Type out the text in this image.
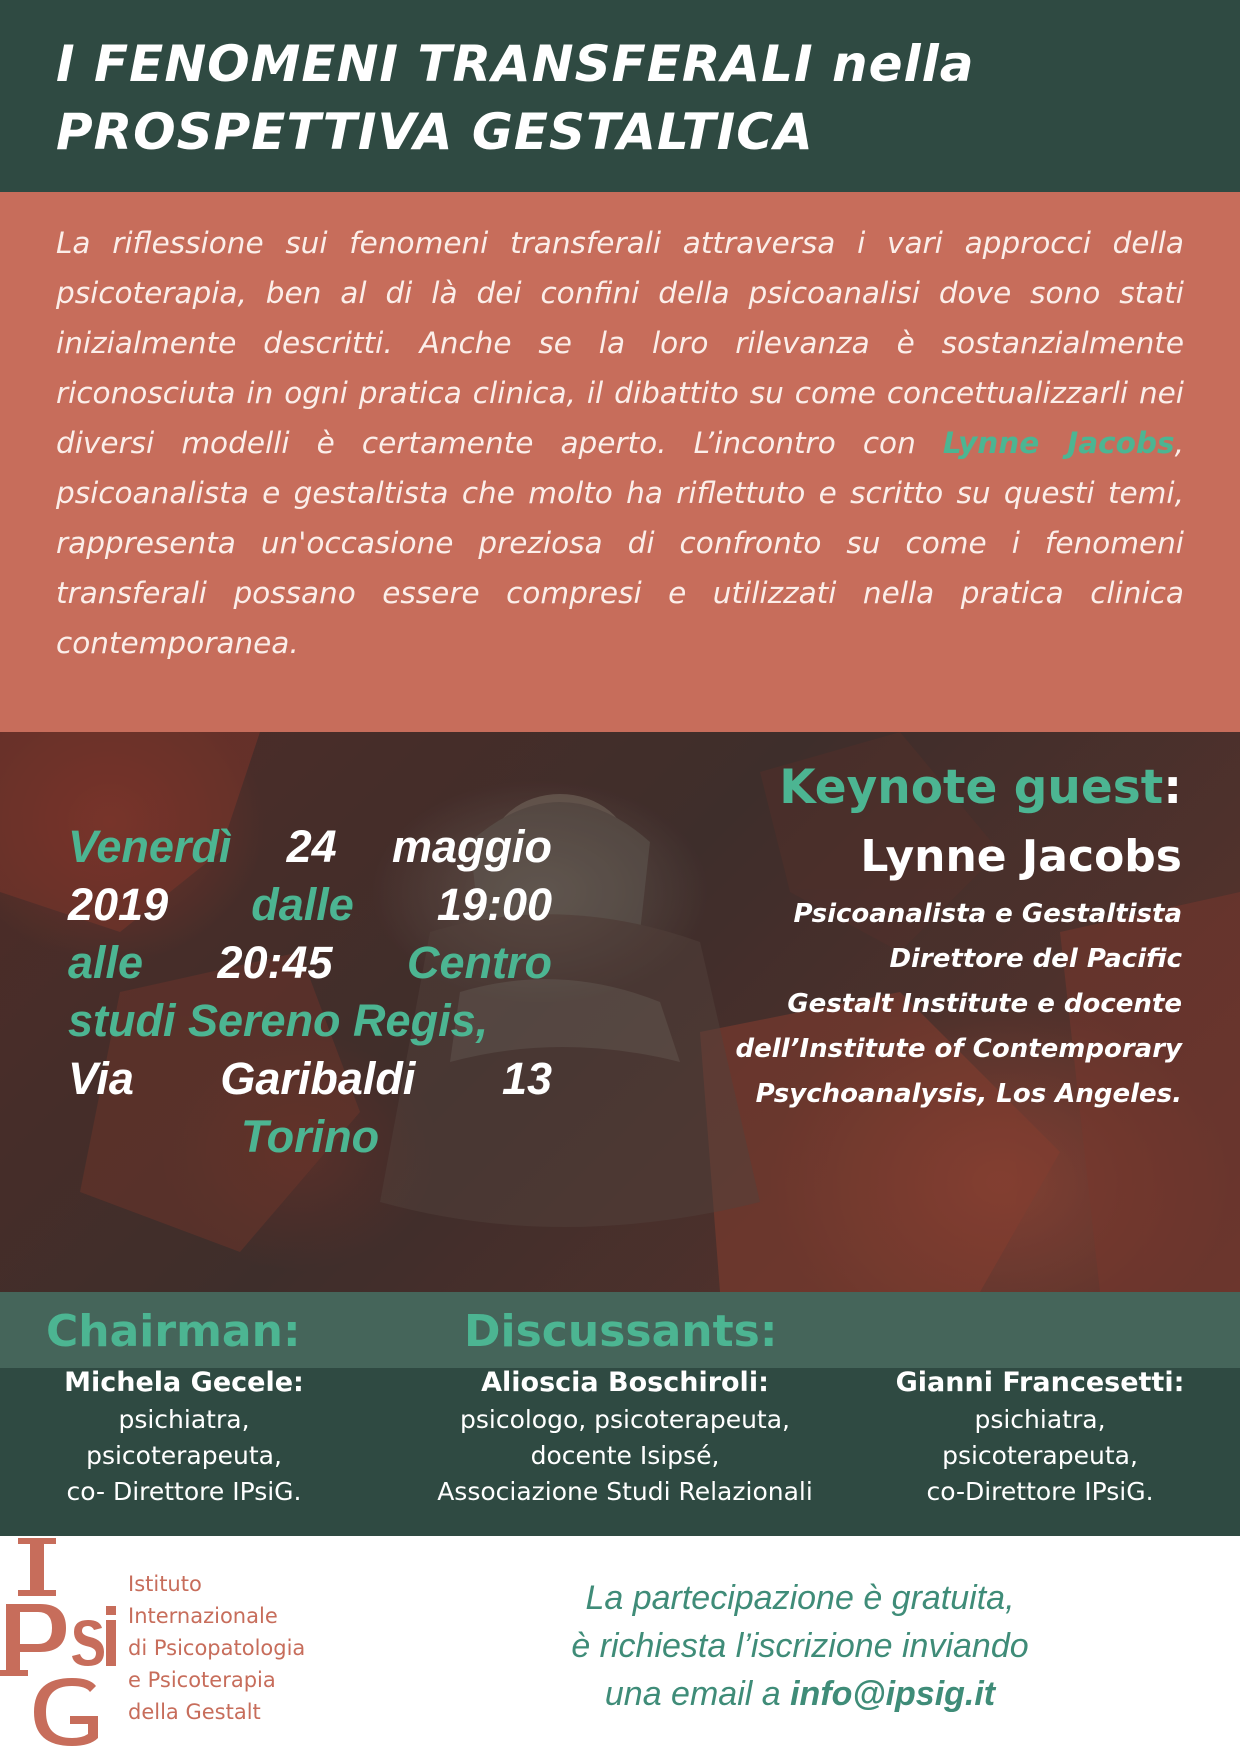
I FENOMENI TRANSFERALI nella
PROSPETTIVA GESTALTICA

La riflessione sui fenomeni transferali attraversa i vari approcci della psicoterapia, ben al di là dei confini della psicoanalisi dove sono stati inizialmente descritti. Anche se la loro rilevanza è sostanzialmente riconosciuta in ogni pratica clinica, il dibattito su come concettualizzarli nei diversi modelli è certamente aperto. L’incontro con Lynne Jacobs, psicoanalista e gestaltista che molto ha riflettuto e scritto su questi temi, rappresenta un'occasione preziosa di confronto su come i fenomeni transferali possano essere compresi e utilizzati nella pratica clinica contemporanea.

Keynote guest:
Lynne Jacobs
Psicoanalista e Gestaltista
Direttore del Pacific
Gestalt Institute e docente
dell’Institute of Contemporary
Psychoanalysis, Los Angeles.
Venerdì 24 maggio
2019 dalle 19:00
alle 20:45 Centro
studi Sereno Regis,
Via Garibaldi 13
Torino
Chairman:	Discussants:
Michela Gecele:
psichiatra,
psicoterapeuta,
co- Direttore IPsiG.
Alioscia Boschiroli:
psicologo, psicoterapeuta,
docente Isipsé,
Associazione Studi Relazionali
Gianni Francesetti:
psichiatra,
psicoterapeuta,
co-Direttore IPsiG.
Istituto
Internazionale
di Psicopatologia
e Psicoterapia
della Gestalt
La partecipazione è gratuita,
è richiesta l’iscrizione inviando
una email a info@ipsig.it
